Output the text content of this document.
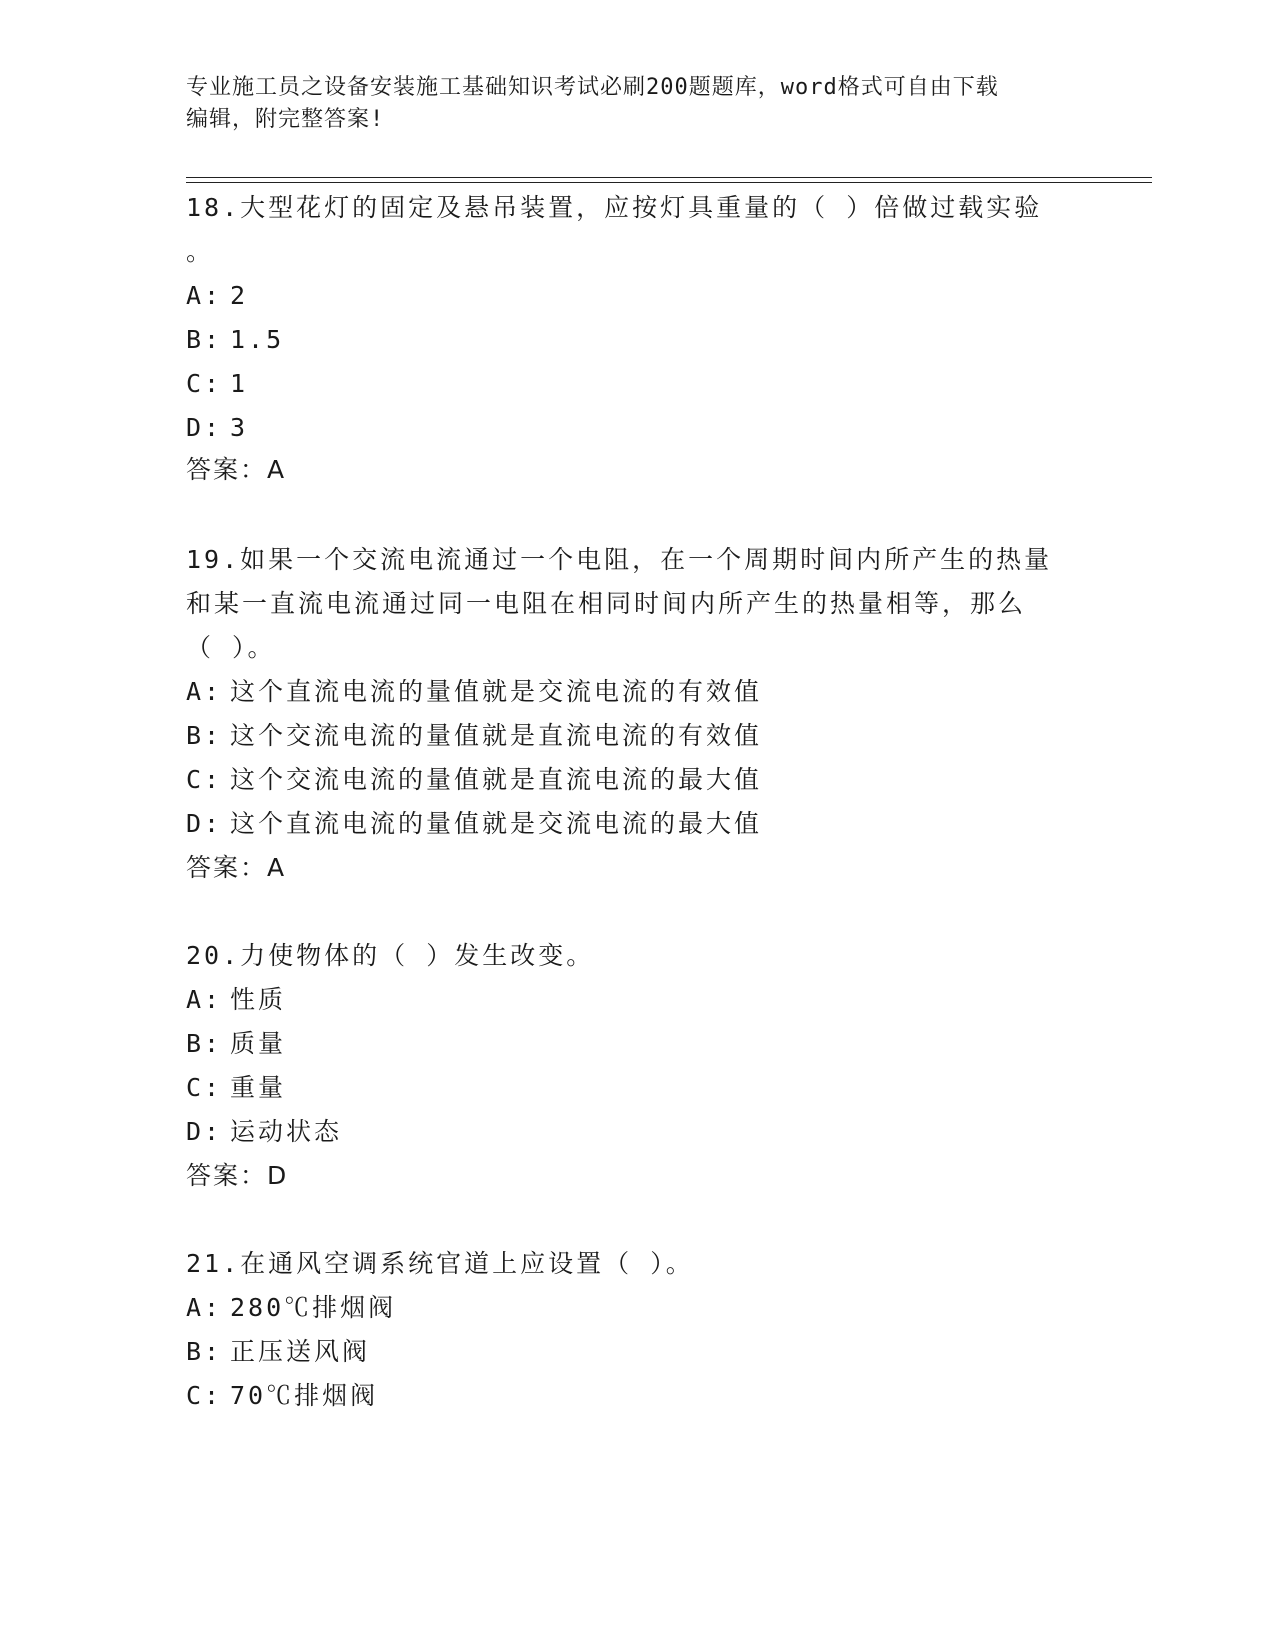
专业施工员之设备安装施工基础知识考试必刷200题题库，word格式可自由下载
编辑，附完整答案!
18.大型花灯的固定及悬吊装置，应按灯具重量的（ ）倍做过载实验
。
A: 2
B: 1.5
C: 1
D: 3
答案：A
19.如果一个交流电流通过一个电阻，在一个周期时间内所产生的热量
和某一直流电流通过同一电阻在相同时间内所产生的热量相等，那么
（ ）。
A: 这个直流电流的量值就是交流电流的有效值
B: 这个交流电流的量值就是直流电流的有效值
C: 这个交流电流的量值就是直流电流的最大值
D: 这个直流电流的量值就是交流电流的最大值
答案：A
20.力使物体的（ ）发生改变。
A: 性质
B: 质量
C: 重量
D: 运动状态
答案：D
21.在通风空调系统官道上应设置（ ）。
A: 280℃排烟阀
B: 正压送风阀
C: 70℃排烟阀
